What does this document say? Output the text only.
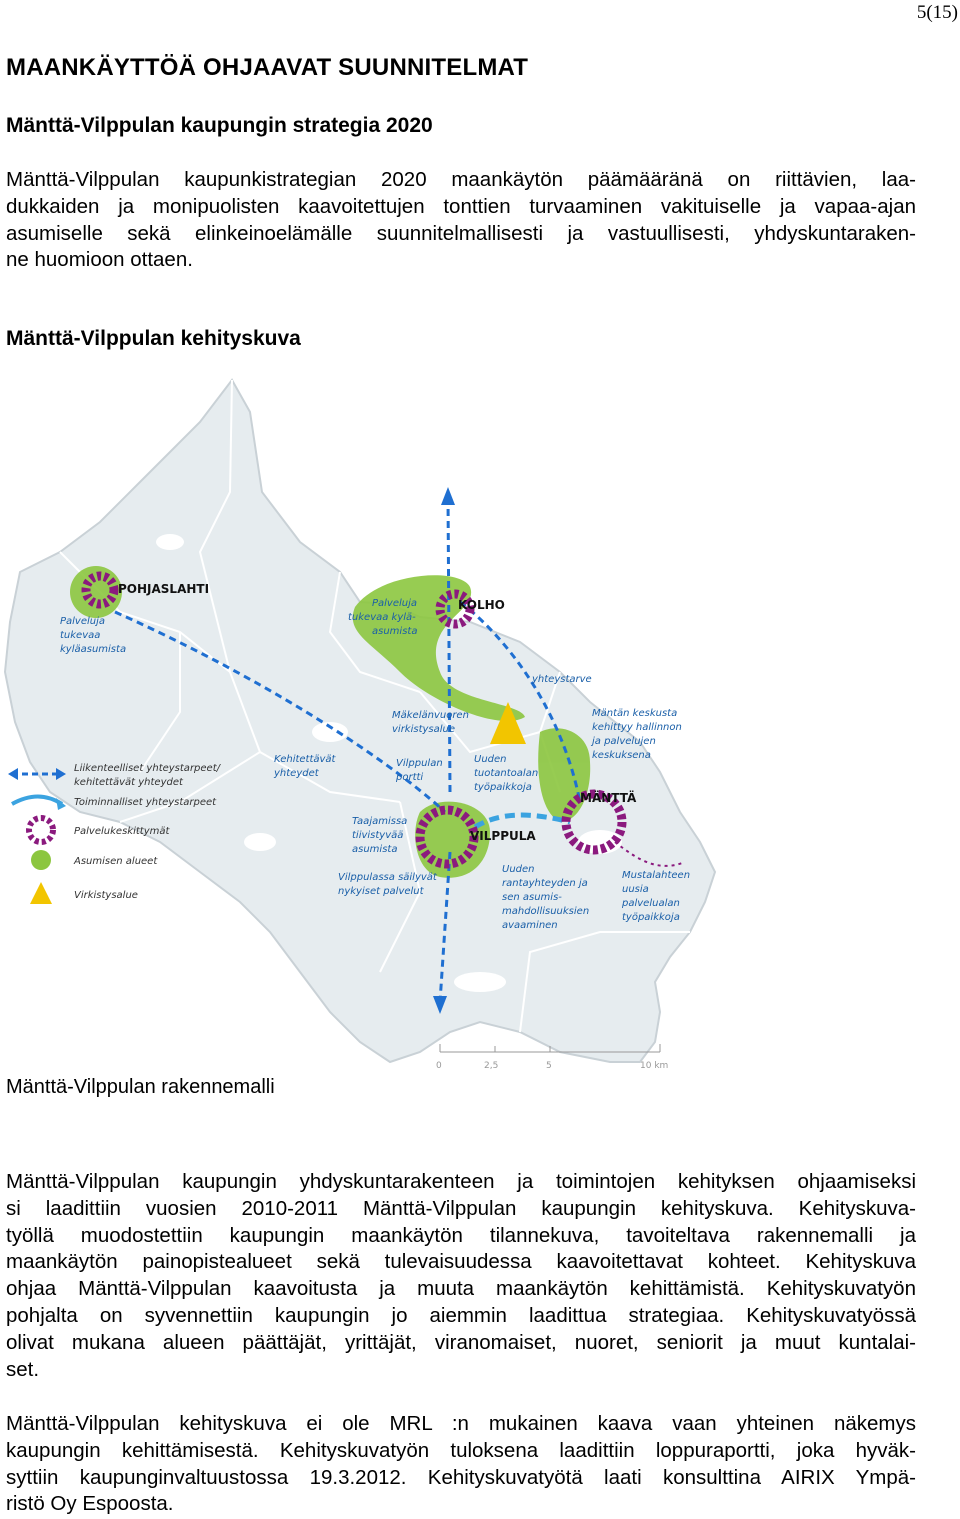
5(15)
MAANKÄYTTÖÄ OHJAAVAT SUUNNITELMAT
Mänttä-Vilppulan kaupungin strategia 2020
Mänttä-Vilppulan kaupunkistrategian 2020 maankäytön päämääränä on riittävien, laa-
dukkaiden ja monipuolisten kaavoitettujen tonttien turvaaminen vakituiselle ja vapaa-ajan
asumiselle sekä elinkeinoelämälle suunnitelmallisesti ja vastuullisesti, yhdyskuntaraken-
ne huomioon ottaen.
Mänttä-Vilppulan kehityskuva
POHJASLAHTI
KOLHO
MÄNTTÄ
VILPPULA
Palveluja
tukevaa
kyläasumista
Palveluja
tukevaa kylä-
asumista
yhteystarve
Mäkelänvuoren
virkistysalue
Mäntän keskusta
kehittyy hallinnon
ja palvelujen
keskuksena
Kehitettävät
yhteydet
Vilppulan
portti
Uuden
tuotantoalan
työpaikkoja
Taajamissa
tiivistyvää
asumista
Vilppulassa säilyvät
nykyiset palvelut
Uuden
rantayhteyden ja
sen asumis-
mahdollisuuksien
avaaminen
Mustalahteen
uusia
palvelualan
työpaikkoja
Liikenteelliset yhteystarpeet/
kehitettävät yhteydet
Toiminnalliset yhteystarpeet
Palvelukeskittymät
Asumisen alueet
Virkistysalue
0	2,5	5	10 km
Mänttä-Vilppulan rakennemalli
Mänttä-Vilppulan kaupungin yhdyskuntarakenteen ja toimintojen kehityksen ohjaamiseksi
si laadittiin vuosien 2010-2011 Mänttä-Vilppulan kaupungin kehityskuva. Kehityskuva-
työllä muodostettiin kaupungin maankäytön tilannekuva, tavoiteltava rakennemalli ja
maankäytön painopistealueet sekä tulevaisuudessa kaavoitettavat kohteet. Kehityskuva
ohjaa Mänttä-Vilppulan kaavoitusta ja muuta maankäytön kehittämistä. Kehityskuvatyön
pohjalta on syvennettiin kaupungin jo aiemmin laadittua strategiaa. Kehityskuvatyössä
olivat mukana alueen päättäjät, yrittäjät, viranomaiset, nuoret, seniorit ja muut kuntalai-
set.
Mänttä-Vilppulan kehityskuva ei ole MRL :n mukainen kaava vaan yhteinen näkemys
kaupungin kehittämisestä. Kehityskuvatyön tuloksena laadittiin loppuraportti, joka hyväk-
syttiin kaupunginvaltuustossa 19.3.2012. Kehityskuvatyötä laati konsulttina AIRIX Ympä-
ristö Oy Espoosta.
